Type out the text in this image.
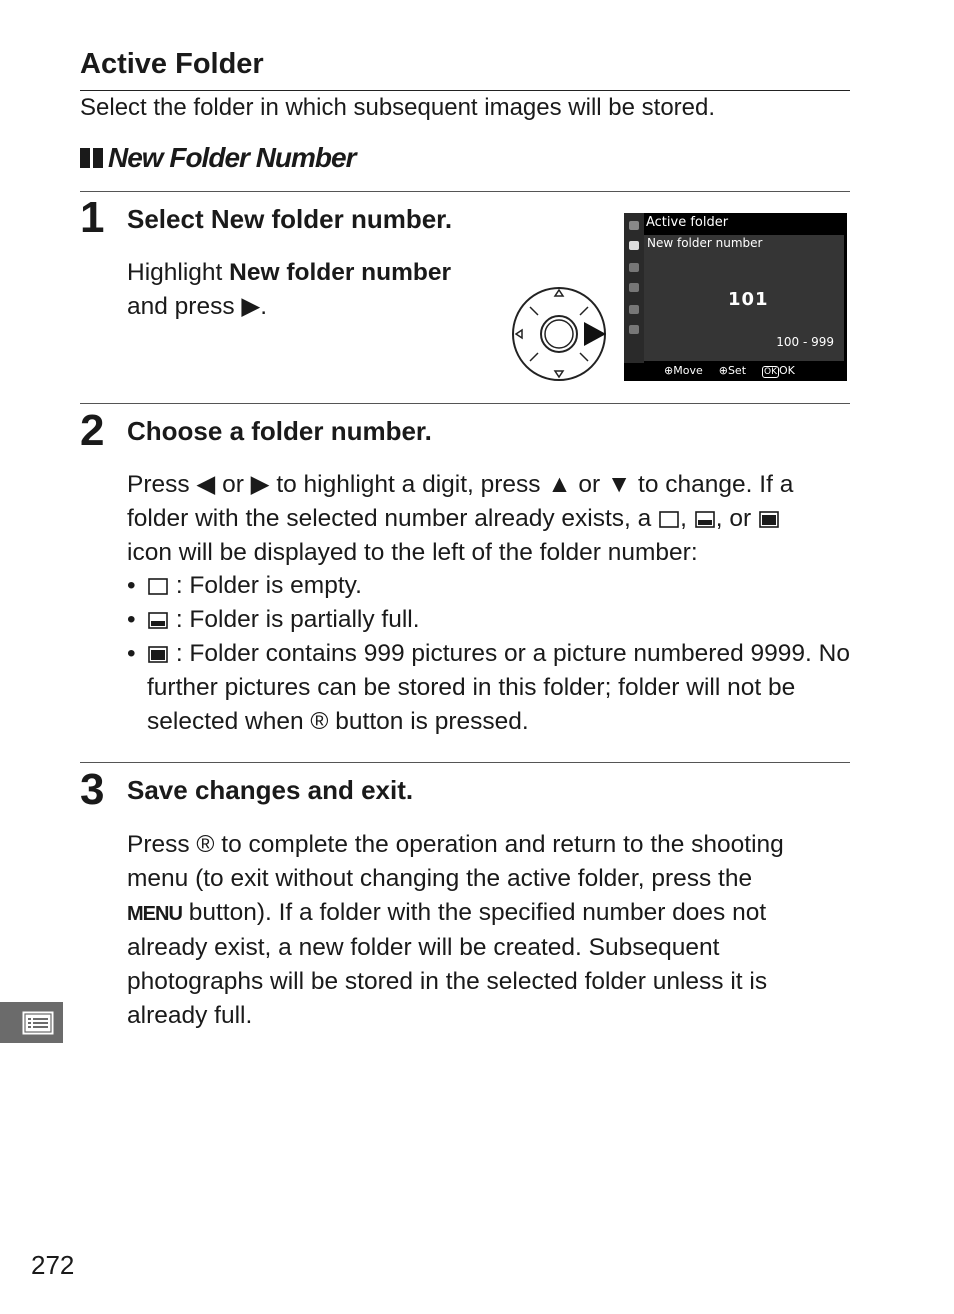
Active Folder
Select the folder in which subsequent images will be stored.
New Folder Number
1 Select New folder number.
Highlight New folder number
and press ▶.
Active folder
New folder number
101
100 - 999
⊕Move ⊕Set OK OK
2 Choose a folder number.
Press ◀ or ▶ to highlight a digit, press ▲ or ▼ to change. If a
folder with the selected number already exists, a , , or
icon will be displayed to the left of the folder number:
• : Folder is empty.
• : Folder is partially full.
• : Folder contains 999 pictures or a picture numbered 9999. No further pictures can be stored in this folder; folder will not be selected when ® button is pressed.
3 Save changes and exit.
Press ® to complete the operation and return to the shooting
menu (to exit without changing the active folder, press the
MENU button). If a folder with the specified number does not
already exist, a new folder will be created. Subsequent
photographs will be stored in the selected folder unless it is
already full.
272
